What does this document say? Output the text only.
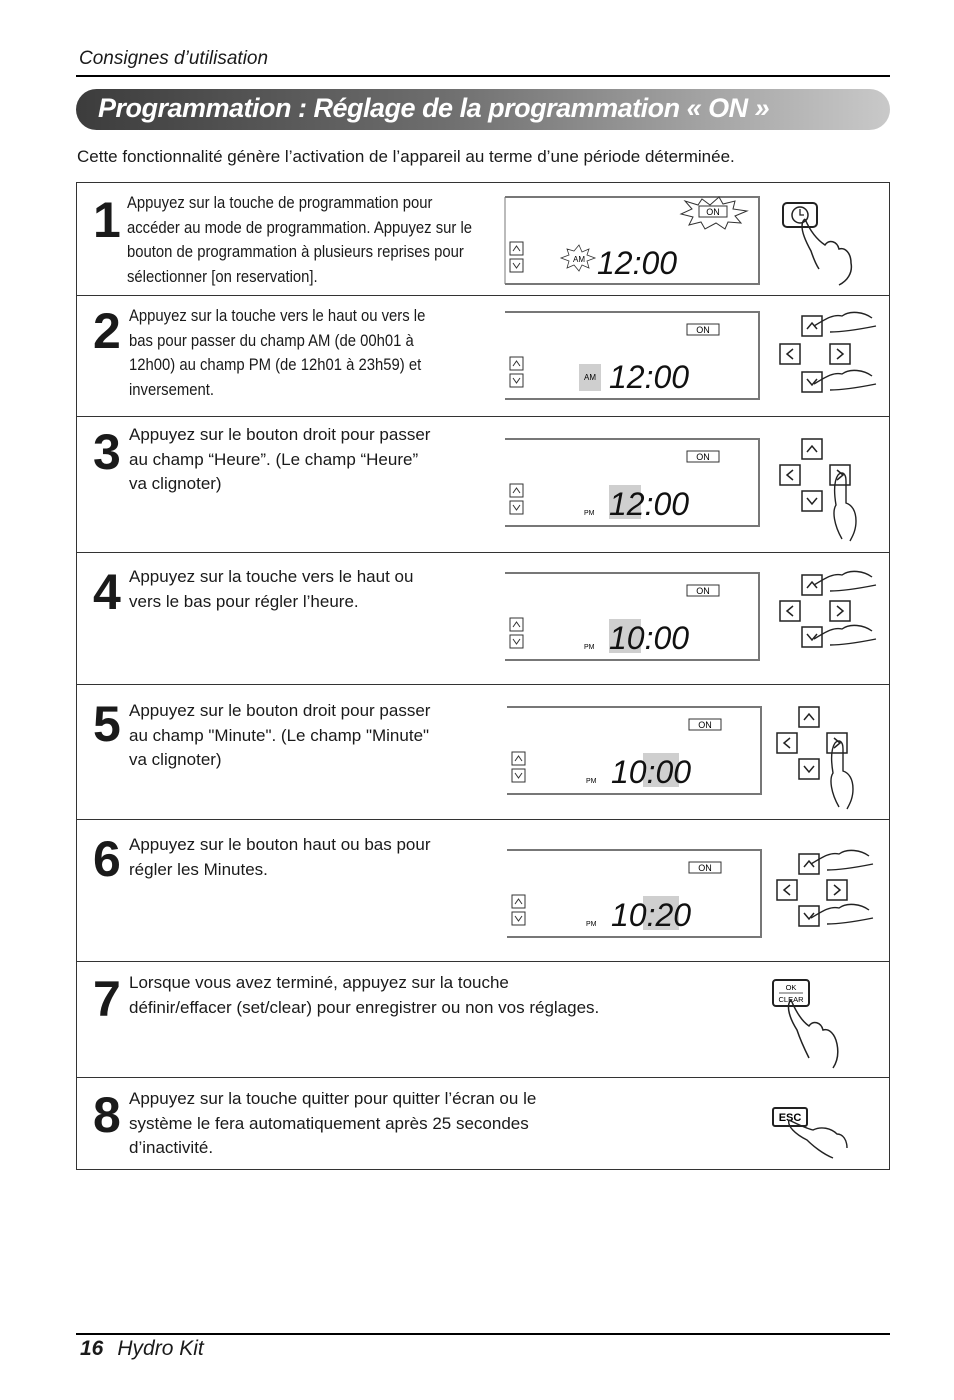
Consignes d’utilisation
Programmation : Réglage de la programmation « ON »
Cette fonctionnalité génère l’activation de l’appareil au terme d’une période déterminée.
1 Appuyez sur la touche de programmation pour
accéder au mode de programmation. Appuyez sur le
bouton de programmation à plusieurs reprises pour
sélectionner [on reservation].
ON
AM 12:00
2 Appuyez sur la touche vers le haut ou vers le
bas pour passer du champ AM (de 00h01 à
12h00) au champ PM (de 12h01 à 23h59) et
inversement.
ON
AM 12:00
3 Appuyez sur le bouton droit pour passer
au champ “Heure”. (Le champ “Heure”
va clignoter)
ON
PM 12:00
4 Appuyez sur la touche vers le haut ou
vers le bas pour régler l’heure.
ON
PM 10:00
5 Appuyez sur le bouton droit pour passer
au champ "Minute". (Le champ "Minute"
va clignoter)
ON
PM 10:00
6 Appuyez sur le bouton haut ou bas pour
régler les Minutes.	ON
PM 10:20
7 Lorsque vous avez terminé, appuyez sur la touche
définir/effacer (set/clear) pour enregistrer ou non vos réglages.
OK
CLEAR
8 Appuyez sur la touche quitter pour quitter l’écran ou le
système le fera automatiquement après 25 secondes
d’inactivité.
ESC
16 Hydro Kit
